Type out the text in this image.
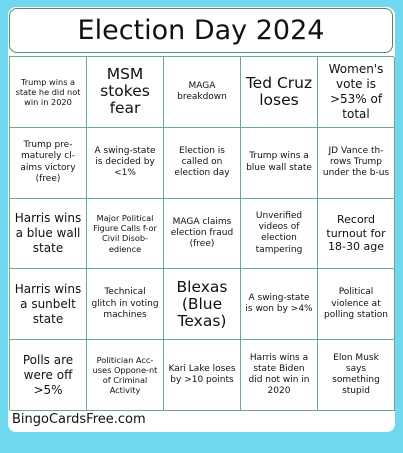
Election Day 2024
Trump wins a state he did not win in 2020
MSM stokes fear
MAGA breakdown
Ted Cruz loses
Women's vote is >53% of total
Trump pre-maturely cl-aims victory (free)
A swing-state is decided by <1%
Election is called on election day
Trump wins a blue wall state
JD Vance th-rows Trump under the b-us
Harris wins a blue wall state
Major Political Figure Calls f-or Civil Disob-edience
MAGA claims election fraud (free)
Unverified videos of election tampering
Record turnout for 18-30 age
Harris wins a sunbelt state
Technical glitch in voting machines
Blexas (Blue Texas)
A swing-state is won by >4%
Political violence at polling station
Polls are were off >5%
Politician Acc-uses Oppone-nt of Criminal Activity
Kari Lake loses by >10 points
Harris wins a state Biden did not win in 2020
Elon Musk says something stupid
BingoCardsFree.com
